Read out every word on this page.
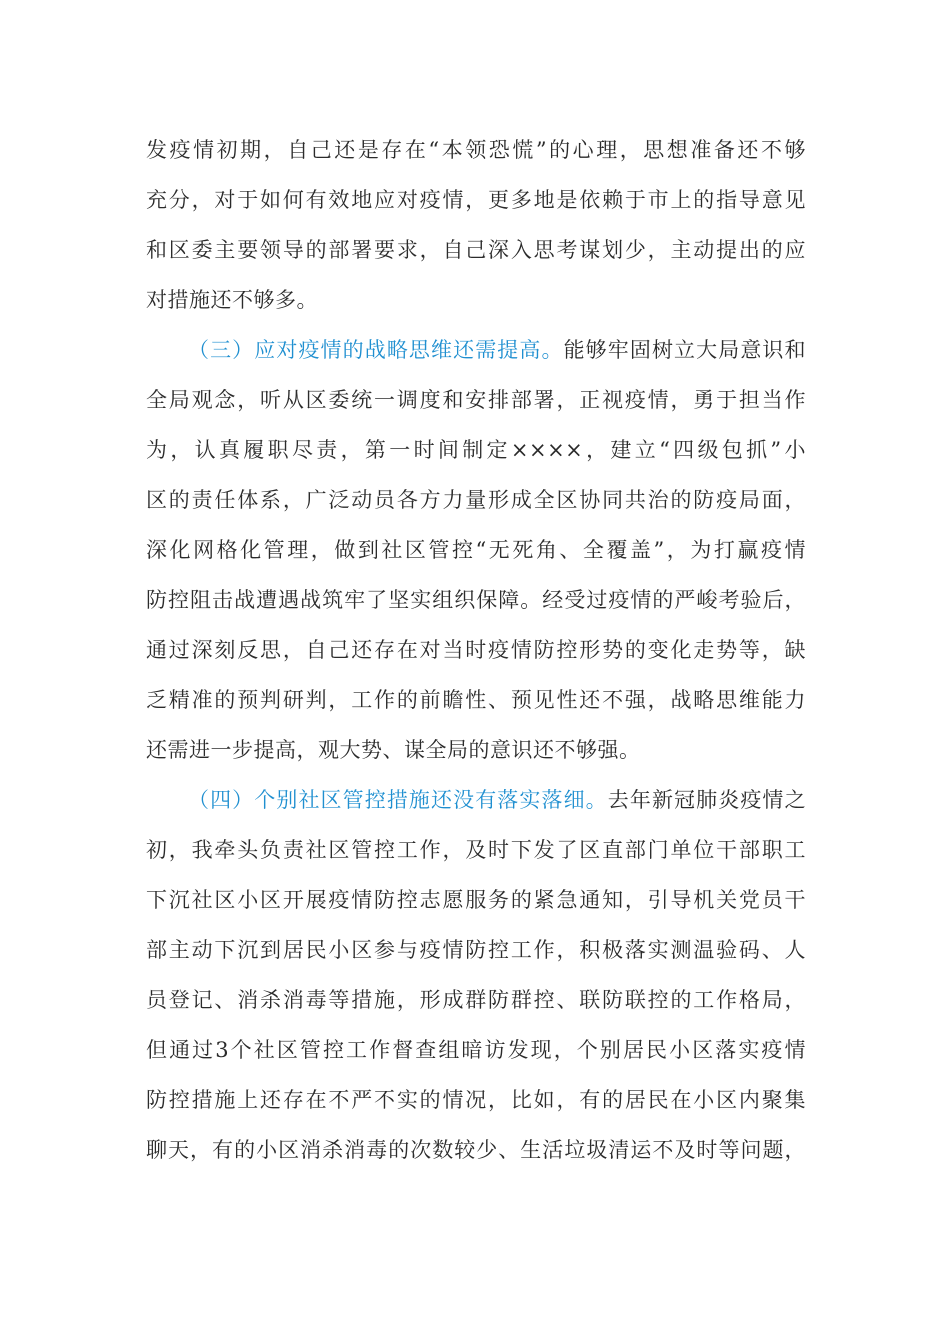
发疫情初期，自己还是存在“本领恐慌”的心理，思想准备还不够
充分，对于如何有效地应对疫情，更多地是依赖于市上的指导意见
和区委主要领导的部署要求，自己深入思考谋划少，主动提出的应
对措施还不够多。
（三）应对疫情的战略思维还需提高。能够牢固树立大局意识和
全局观念，听从区委统一调度和安排部署，正视疫情，勇于担当作
为，认真履职尽责，第一时间制定××××，建立“四级包抓”小
区的责任体系，广泛动员各方力量形成全区协同共治的防疫局面，
深化网格化管理，做到社区管控“无死角、全覆盖”，为打赢疫情
防控阻击战遭遇战筑牢了坚实组织保障。经受过疫情的严峻考验后，
通过深刻反思，自己还存在对当时疫情防控形势的变化走势等，缺
乏精准的预判研判，工作的前瞻性、预见性还不强，战略思维能力
还需进一步提高，观大势、谋全局的意识还不够强。
（四）个别社区管控措施还没有落实落细。去年新冠肺炎疫情之
初，我牵头负责社区管控工作，及时下发了区直部门单位干部职工
下沉社区小区开展疫情防控志愿服务的紧急通知，引导机关党员干
部主动下沉到居民小区参与疫情防控工作，积极落实测温验码、人
员登记、消杀消毒等措施，形成群防群控、联防联控的工作格局，
但通过3个社区管控工作督查组暗访发现，个别居民小区落实疫情
防控措施上还存在不严不实的情况，比如，有的居民在小区内聚集
聊天，有的小区消杀消毒的次数较少、生活垃圾清运不及时等问题，
